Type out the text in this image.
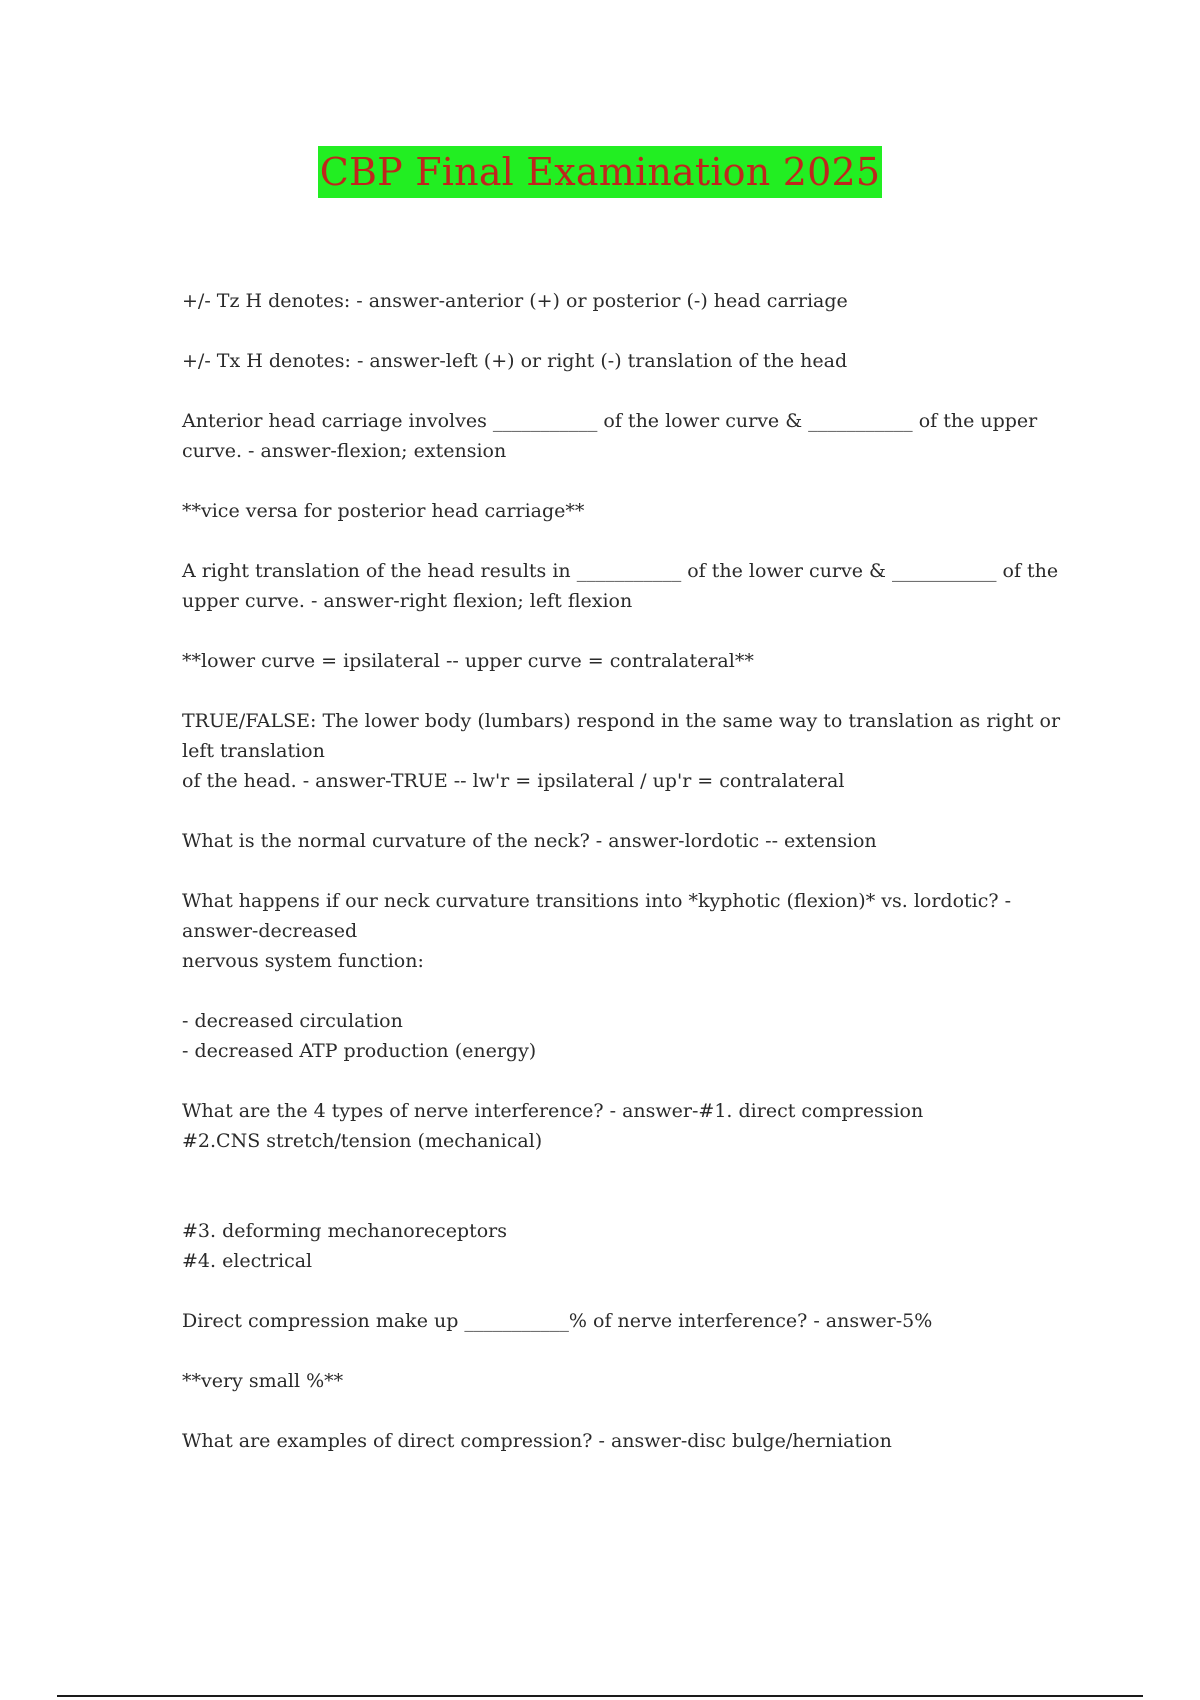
CBP Final Examination 2025
+/- Tz H denotes: - answer-anterior (+) or posterior (-) head carriage
+/- Tx H denotes: - answer-left (+) or right (-) translation of the head
Anterior head carriage involves ___________ of the lower curve & ___________ of the upper
curve. - answer-flexion; extension
**vice versa for posterior head carriage**
A right translation of the head results in ___________ of the lower curve & ___________ of the
upper curve. - answer-right flexion; left flexion
**lower curve = ipsilateral -- upper curve = contralateral**
TRUE/FALSE: The lower body (lumbars) respond in the same way to translation as right or
left translation
of the head. - answer-TRUE -- lw'r = ipsilateral / up'r = contralateral
What is the normal curvature of the neck? - answer-lordotic -- extension
What happens if our neck curvature transitions into *kyphotic (flexion)* vs. lordotic? -
answer-decreased
nervous system function:
- decreased circulation
- decreased ATP production (energy)
What are the 4 types of nerve interference? - answer-#1. direct compression
#2.CNS stretch/tension (mechanical)
#3. deforming mechanoreceptors
#4. electrical
Direct compression make up ___________% of nerve interference? - answer-5%
**very small %**
What are examples of direct compression? - answer-disc bulge/herniation
